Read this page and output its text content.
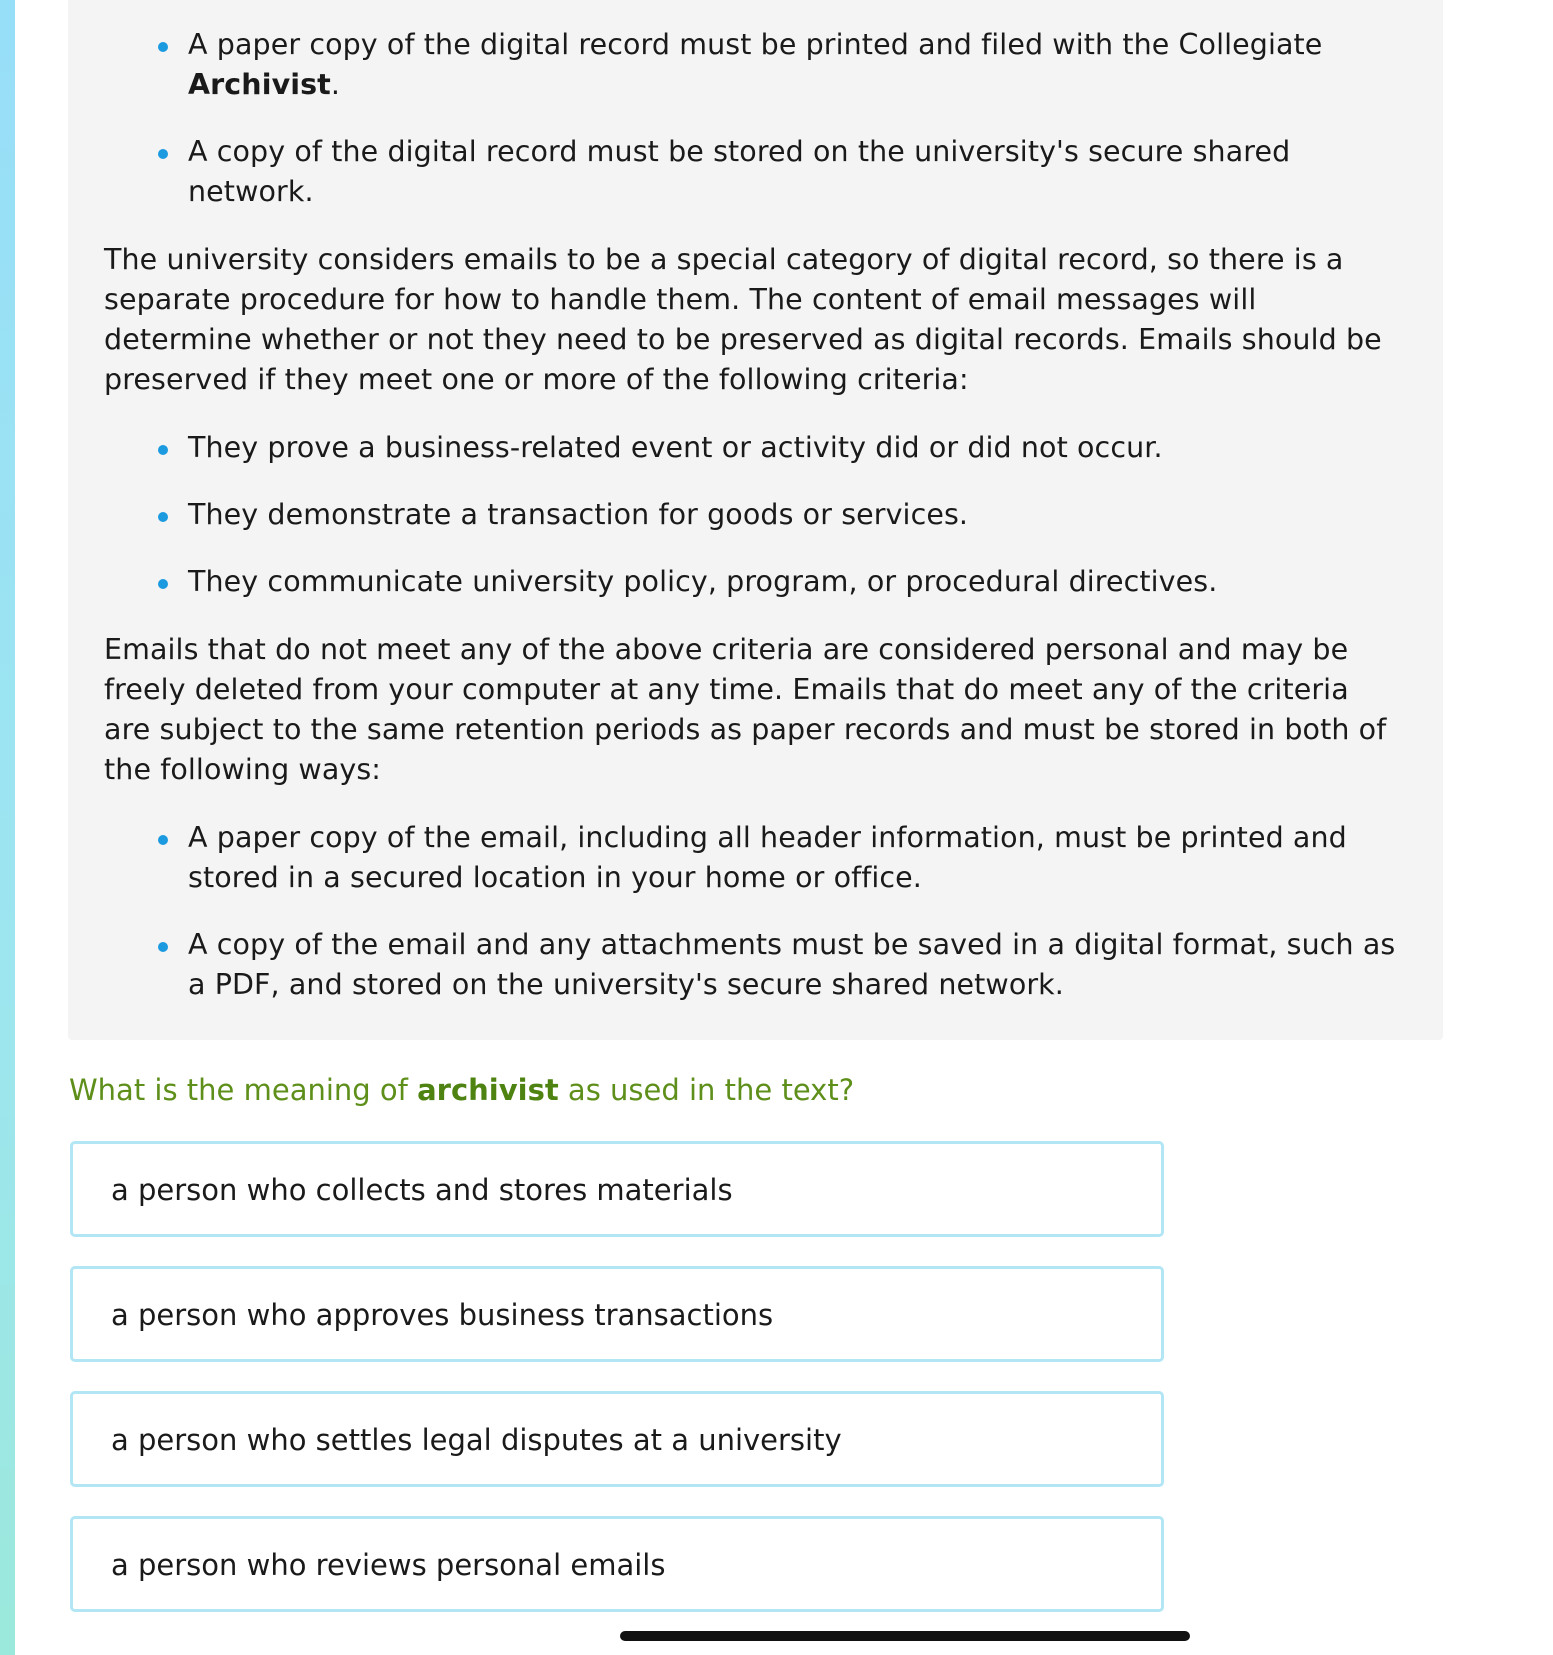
A paper copy of the digital record must be printed and filed with the Collegiate Archivist.
A copy of the digital record must be stored on the university's secure shared network.
The university considers emails to be a special category of digital record, so there is a separate procedure for how to handle them. The content of email messages will determine whether or not they need to be preserved as digital records. Emails should be preserved if they meet one or more of the following criteria:
They prove a business-related event or activity did or did not occur.
They demonstrate a transaction for goods or services.
They communicate university policy, program, or procedural directives.
Emails that do not meet any of the above criteria are considered personal and may be freely deleted from your computer at any time. Emails that do meet any of the criteria are subject to the same retention periods as paper records and must be stored in both of the following ways:
A paper copy of the email, including all header information, must be printed and stored in a secured location in your home or office.
A copy of the email and any attachments must be saved in a digital format, such as a PDF, and stored on the university's secure shared network.
What is the meaning of archivist as used in the text?
a person who collects and stores materials
a person who approves business transactions
a person who settles legal disputes at a university
a person who reviews personal emails
